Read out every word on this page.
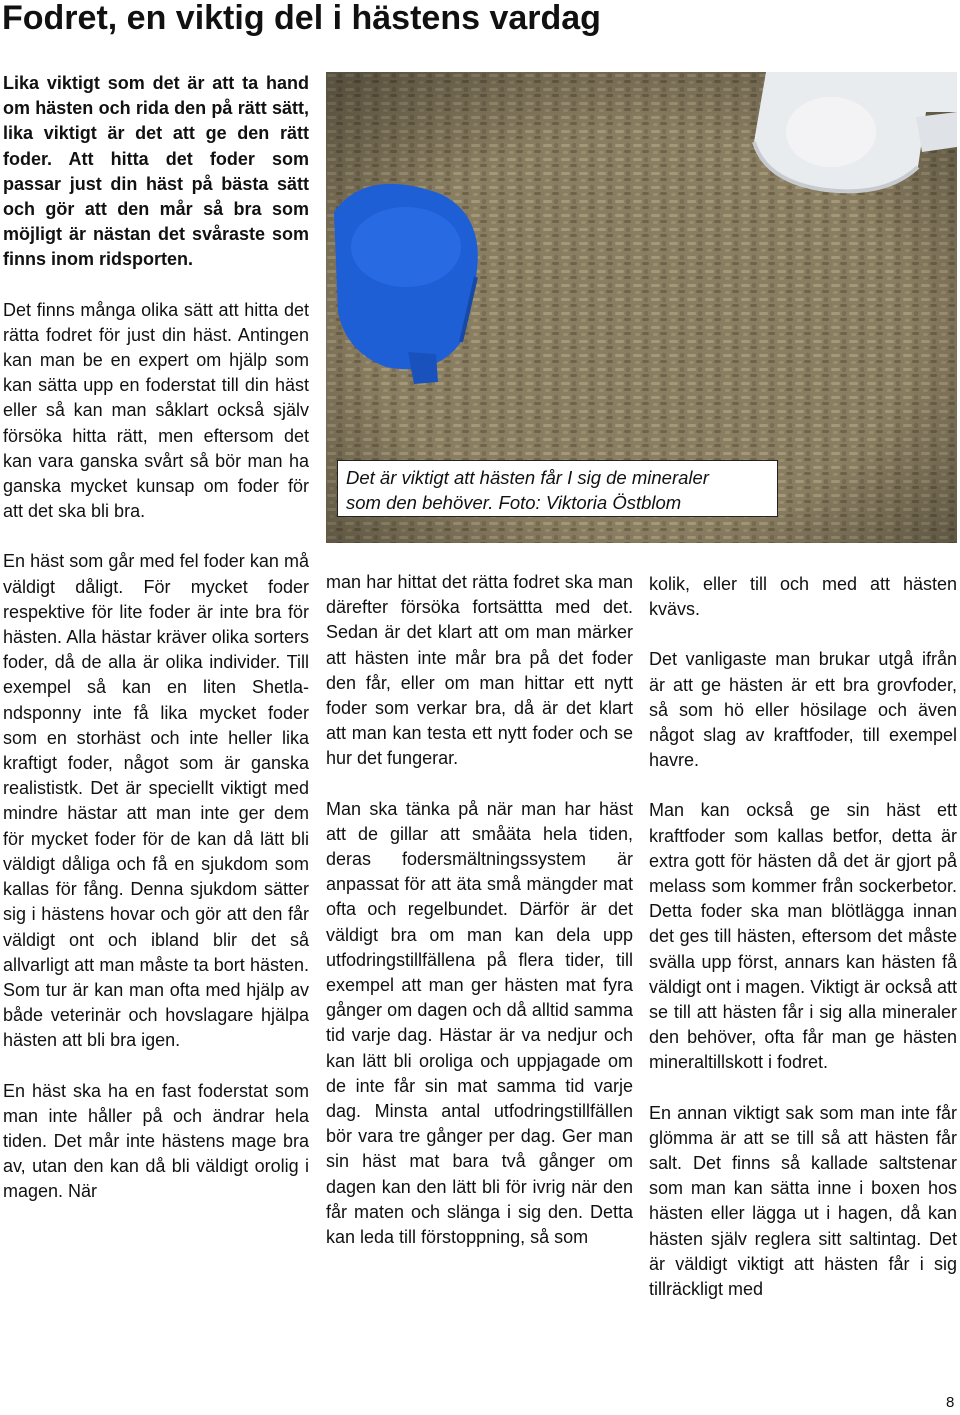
Fodret, en viktig del i hästens vardag

Lika viktigt som det är att ta hand om hästen och rida den på rätt sätt, lika viktigt är det att ge den rätt foder. Att hitta det foder som passar just din häst på bästa sätt och gör att den mår så bra som möjligt är nästan det svåraste som finns inom ridsporten.

Det finns många olika sätt att hitta det rätta fodret för just din häst. Antingen kan man be en expert om hjälp som kan sätta upp en foderstat till din häst eller så kan man såklart också själv försöka hitta rätt, men eftersom det kan vara ganska svårt så bör man ha ganska mycket kunsap om foder för att det ska bli bra.

En häst som går med fel foder kan må väldigt dåligt. För mycket foder respektive för lite foder är inte bra för hästen. Alla hästar kräver olika sorters foder, då de alla är olika individer. Till exempel så kan en liten Shetlandsponny inte få lika mycket foder som en storhäst och inte heller lika kraftigt foder, något som är ganska realististk. Det är speciellt viktigt med mindre hästar att man inte ger dem för mycket foder för de kan då lätt bli väldigt dåliga och få en sjukdom som kallas för fång. Denna sjukdom sätter sig i hästens hovar och gör att den får väldigt ont och ibland blir det så allvarligt att man måste ta bort hästen. Som tur är kan man ofta med hjälp av både veterinär och hovslagare hjälpa hästen att bli bra igen.

En häst ska ha en fast foderstat som man inte håller på och ändrar hela tiden. Det mår inte hästens mage bra av, utan den kan då bli väldigt orolig i magen. När

Det är viktigt att hästen får I sig de mineraler
som den behöver. Foto: Viktoria Östblom

man har hittat det rätta fodret ska man därefter försöka fortsättta med det. Sedan är det klart att om man märker att hästen inte mår bra på det foder den får, eller om man hittar ett nytt foder som verkar bra, då är det klart att man kan testa ett nytt foder och se hur det fungerar.

Man ska tänka på när man har häst att de gillar att småäta hela tiden, deras fodersmältningssystem är anpassat för att äta små mängder mat ofta och regelbundet. Därför är det väldigt bra om man kan dela upp utfodringstillfällena på flera tider, till exempel att man ger hästen mat fyra gånger om dagen och då alltid samma tid varje dag. Hästar är va nedjur och kan lätt bli oroliga och uppjagade om de inte får sin mat samma tid varje dag. Minsta antal utfodringstillfällen bör vara tre gånger per dag. Ger man sin häst mat bara två gånger om dagen kan den lätt bli för ivrig när den får maten och slänga i sig den. Detta kan leda till förstoppning, så som

kolik, eller till och med att hästen kvävs.

Det vanligaste man brukar utgå ifrån är att ge hästen är ett bra grovfoder, så som hö eller hösilage och även något slag av kraftfoder, till exempel havre.

Man kan också ge sin häst ett kraftfoder som kallas betfor, detta är extra gott för hästen då det är gjort på melass som kommer från sockerbetor. Detta foder ska man blötlägga innan det ges till hästen, eftersom det måste svälla upp först, annars kan hästen få väldigt ont i magen. Viktigt är också att se till att hästen får i sig alla mineraler den behöver, ofta får man ge hästen mineraltillskott i fodret.

En annan viktigt sak som man inte får glömma är att se till så att hästen får salt. Det finns så kallade saltstenar som man kan sätta inne i boxen hos hästen eller lägga ut i hagen, då kan hästen själv reglera sitt saltintag. Det är väldigt viktigt att hästen får i sig tillräckligt med

8
